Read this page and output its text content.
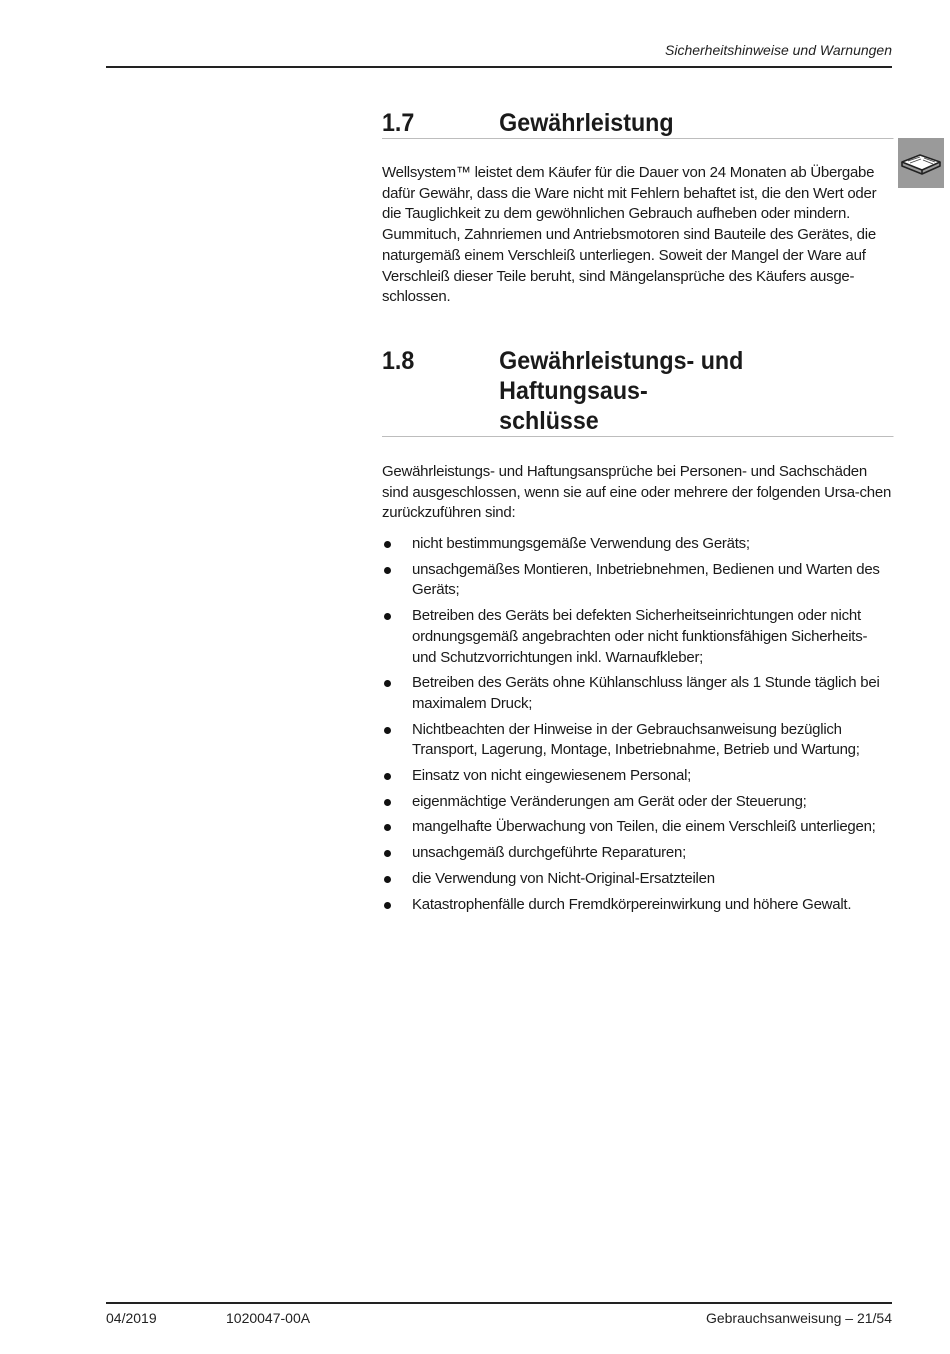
Sicherheitshinweise und Warnungen
1.7	Gewährleistung

Wellsystem™ leistet dem Käufer für die Dauer von 24 Monaten ab Übergabe dafür Gewähr, dass die Ware nicht mit Fehlern behaftet ist, die den Wert oder die Tauglichkeit zu dem gewöhnlichen Gebrauch aufheben oder mindern. Gummituch, Zahnriemen und Antriebsmotoren sind Bauteile des Gerätes, die naturgemäß einem Verschleiß unterliegen. Soweit der Mangel der Ware auf Verschleiß dieser Teile beruht, sind Mängelansprüche des Käufers ausge-schlossen.

1.8	Gewährleistungs- und Haftungsaus-
schlüsse

Gewährleistungs- und Haftungsansprüche bei Personen- und Sachschäden sind ausgeschlossen, wenn sie auf eine oder mehrere der folgenden Ursa-chen zurückzuführen sind:

nicht bestimmungsgemäße Verwendung des Geräts;
unsachgemäßes Montieren, Inbetriebnehmen, Bedienen und Warten des Geräts;
Betreiben des Geräts bei defekten Sicherheitseinrichtungen oder nicht ordnungsgemäß angebrachten oder nicht funktionsfähigen Sicherheits- und Schutzvorrichtungen inkl. Warnaufkleber;
Betreiben des Geräts ohne Kühlanschluss länger als 1 Stunde täglich bei maximalem Druck;
Nichtbeachten der Hinweise in der Gebrauchsanweisung bezüglich Transport, Lagerung, Montage, Inbetriebnahme, Betrieb und Wartung;
Einsatz von nicht eingewiesenem Personal;
eigenmächtige Veränderungen am Gerät oder der Steuerung;
mangelhafte Überwachung von Teilen, die einem Verschleiß unterliegen;
unsachgemäß durchgeführte Reparaturen;
die Verwendung von Nicht-Original-Ersatzteilen
Katastrophenfälle durch Fremdkörpereinwirkung und höhere Gewalt.
04/2019	1020047-00A	Gebrauchsanweisung – 21/54
